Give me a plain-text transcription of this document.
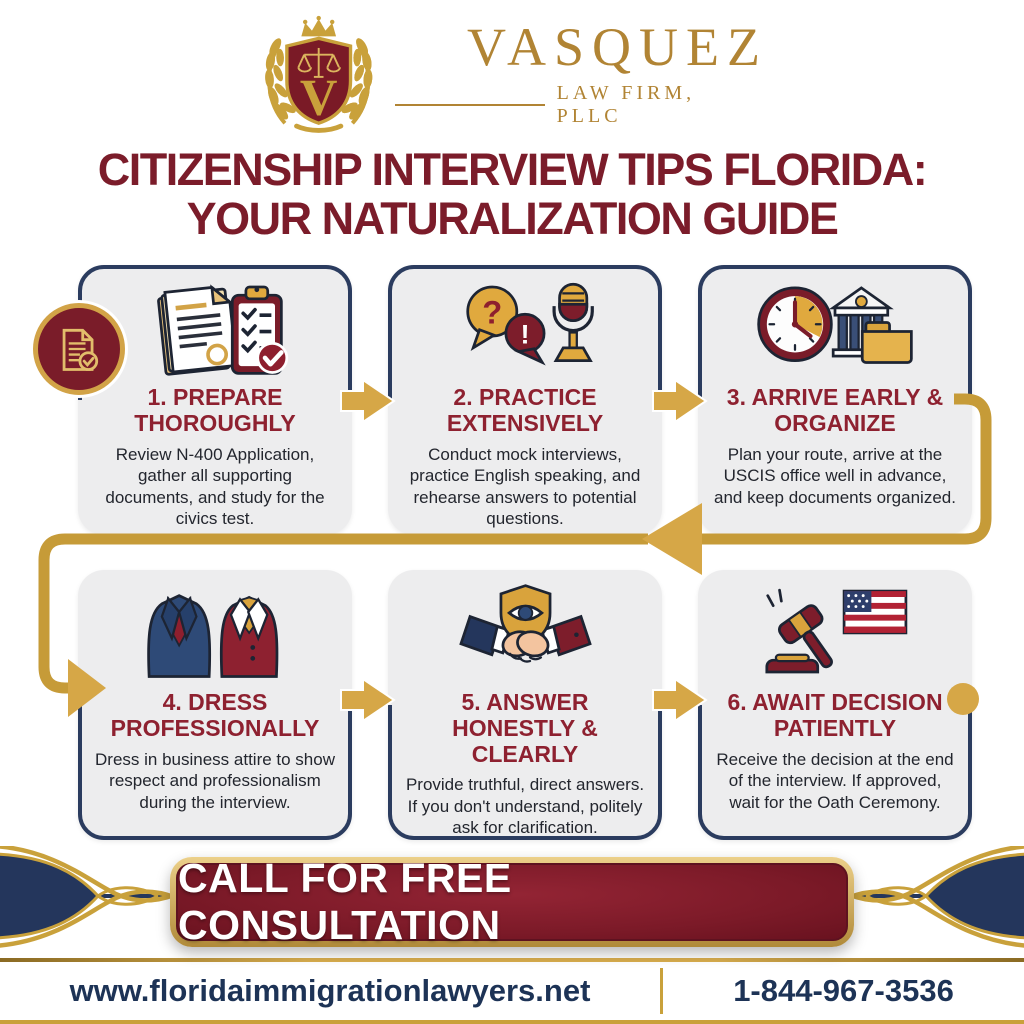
V
VASQUEZ
LAW FIRM, PLLC
CITIZENSHIP INTERVIEW TIPS FLORIDA:
YOUR NATURALIZATION GUIDE
1. PREPARE THOROUGHLY
Review N-400 Application, gather all supporting documents, and study for the civics test.
?
!
2. PRACTICE EXTENSIVELY
Conduct mock interviews, practice English speaking, and rehearse answers to potential questions.
3. ARRIVE EARLY & ORGANIZE
Plan your route, arrive at the USCIS office well in advance, and keep documents organized.
4. DRESS PROFESSIONALLY
Dress in business attire to show respect and professionalism during the interview.
5. ANSWER HONESTLY & CLEARLY
Provide truthful, direct answers. If you don't understand, politely ask for clarification.
6. AWAIT DECISION PATIENTLY
Receive the decision at the end of the interview. If approved, wait for the Oath Ceremony.
CALL FOR FREE CONSULTATION
www.floridaimmigrationlawyers.net	1-844-967-3536
